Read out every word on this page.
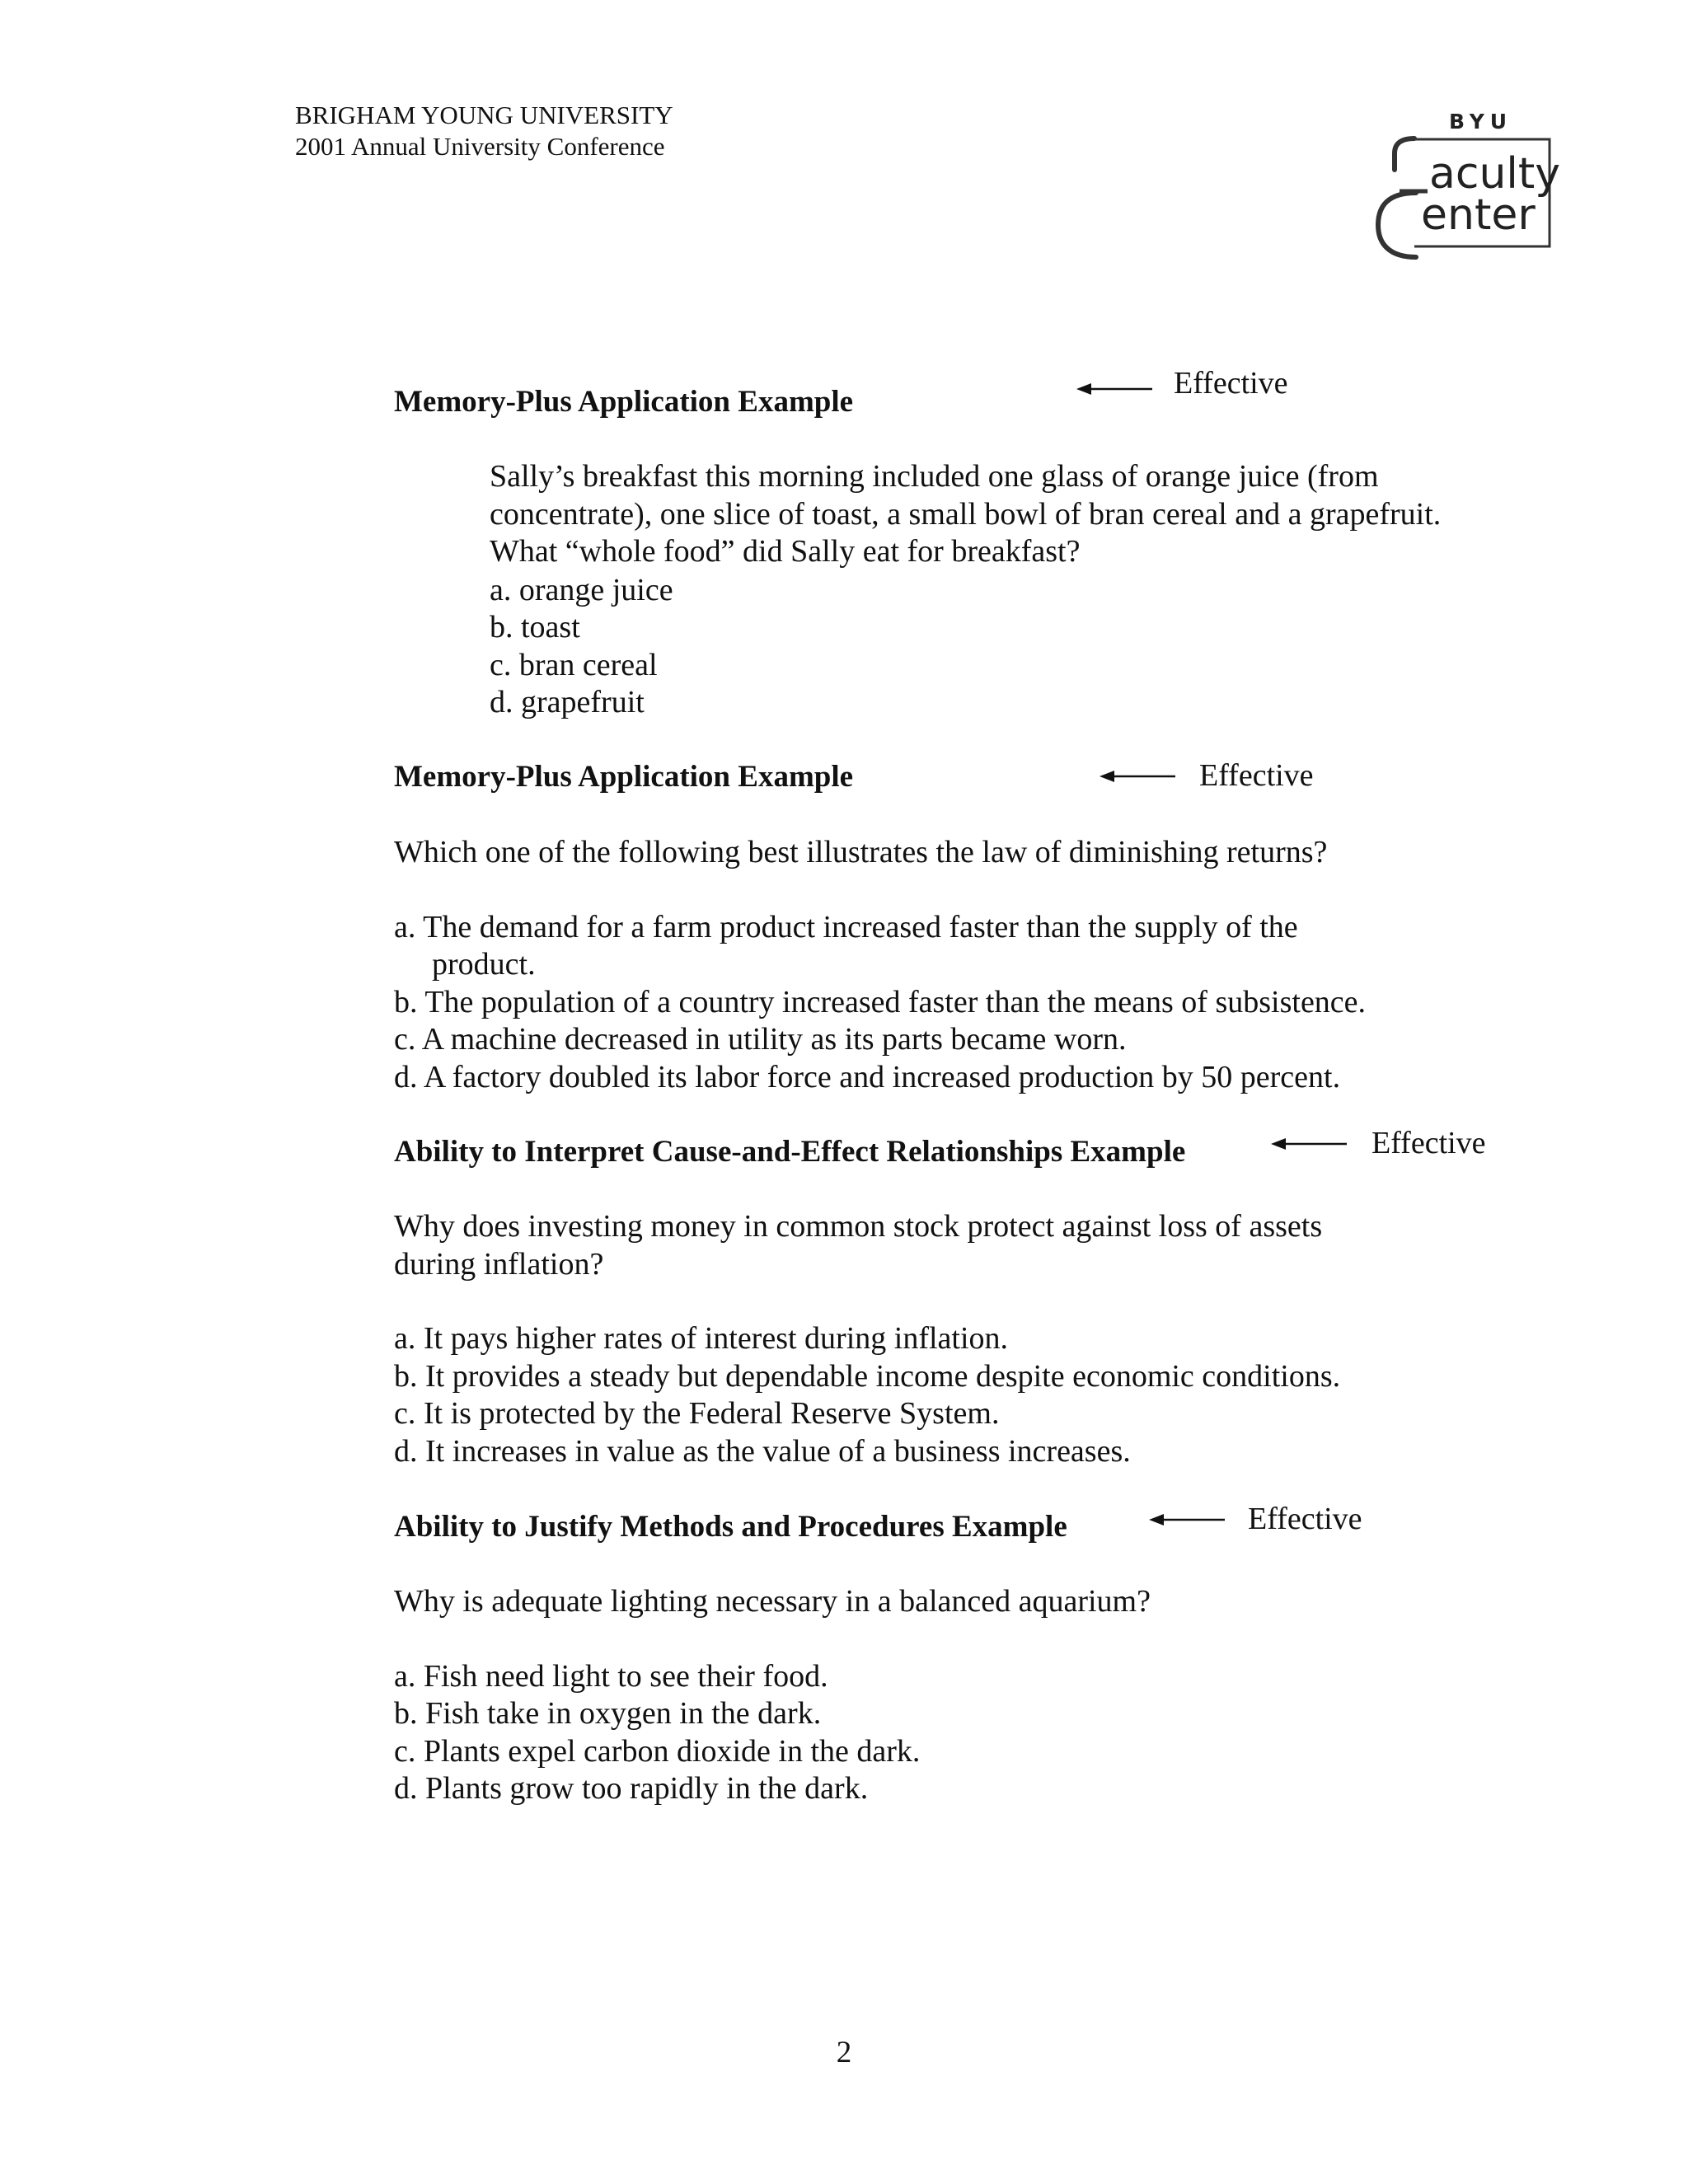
BRIGHAM YOUNG UNIVERSITY
2001 Annual University Conference
BYU
aculty
enter
Memory-Plus Application Example
Effective
Sally’s breakfast this morning included one glass of orange juice (from concentrate), one slice of toast, a small bowl of bran cereal and a grapefruit. What “whole food” did Sally eat for breakfast?
a. orange juice
b. toast
c. bran cereal
d. grapefruit
Memory-Plus Application Example	Effective
Which one of the following best illustrates the law of diminishing returns?
a. The demand for a farm product increased faster than the supply of the
product.
b. The population of a country increased faster than the means of subsistence.
c. A machine decreased in utility as its parts became worn.
d. A factory doubled its labor force and increased production by 50 percent.
Ability to Interpret Cause-and-Effect Relationships Example	Effective
Why does investing money in common stock protect against loss of assets during inflation?
a. It pays higher rates of interest during inflation.
b. It provides a steady but dependable income despite economic conditions.
c. It is protected by the Federal Reserve System.
d. It increases in value as the value of a business increases.
Ability to Justify Methods and Procedures Example	Effective
Why is adequate lighting necessary in a balanced aquarium?
a. Fish need light to see their food.
b. Fish take in oxygen in the dark.
c. Plants expel carbon dioxide in the dark.
d. Plants grow too rapidly in the dark.
2
